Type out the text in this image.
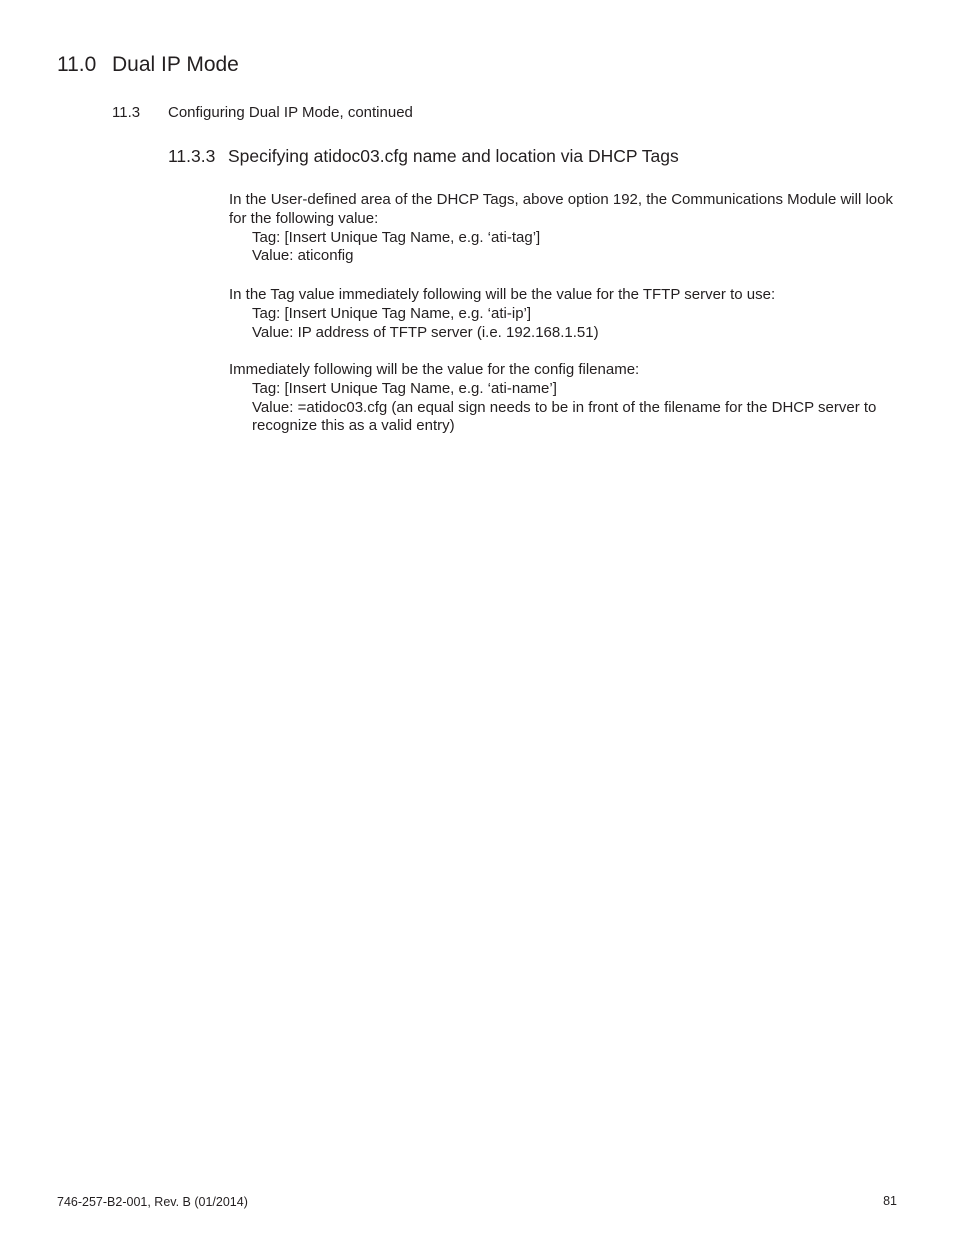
11.0 Dual IP Mode
11.3 Configuring Dual IP Mode, continued
11.3.3 Specifying atidoc03.cfg name and location via DHCP Tags

In the User-defined area of the DHCP Tags, above option 192, the Communications Module will look for the following value:

Tag: [Insert Unique Tag Name, e.g. ‘ati-tag’]

Value: aticonfig

In the Tag value immediately following will be the value for the TFTP server to use:

Tag: [Insert Unique Tag Name, e.g. ‘ati-ip’]

Value: IP address of TFTP server (i.e. 192.168.1.51)

Immediately following will be the value for the config filename:

Tag: [Insert Unique Tag Name, e.g. ‘ati-name’]

Value: =atidoc03.cfg (an equal sign needs to be in front of the filename for the DHCP server to recognize this as a valid entry)

746-257-B2-001, Rev. B (01/2014)	81
